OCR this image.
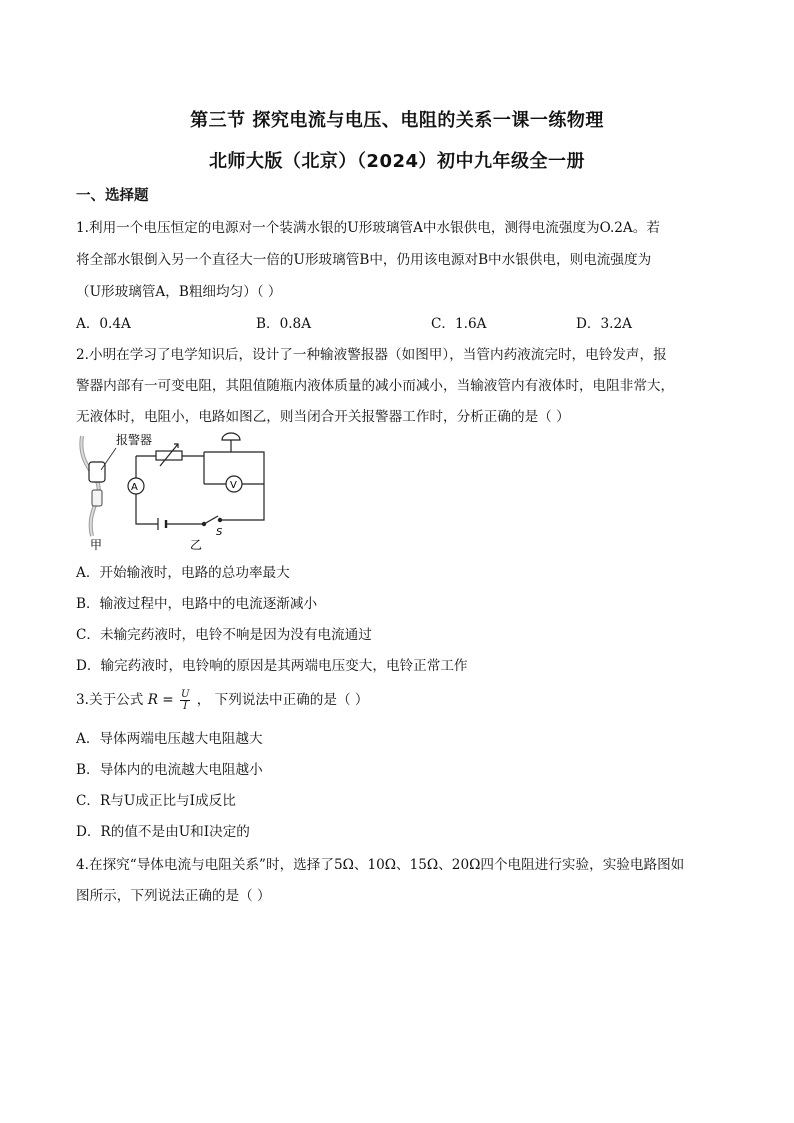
第三节 探究电流与电压、电阻的关系一课一练物理
北师大版（北京）（2024）初中九年级全一册
一、选择题
1.利用一个电压恒定的电源对一个装满水银的U形玻璃管A中水银供电，测得电流强度为O.2A。若
将全部水银倒入另一个直径大一倍的U形玻璃管B中，仍用该电源对B中水银供电，则电流强度为
（U形玻璃管A，B粗细均匀）（ ）
A．0.4A	B．0.8A	C．1.6A	D．3.2A
2.小明在学习了电学知识后，设计了一种输液警报器（如图甲），当管内药液流完时，电铃发声，报
警器内部有一可变电阻，其阻值随瓶内液体质量的减小而减小，当输液管内有液体时，电阻非常大，
无液体时，电阻小，电路如图乙，则当闭合开关报警器工作时，分析正确的是（ ）
报警器
甲
A	V
S
乙
A．开始输液时，电路的总功率最大
B．输液过程中，电路中的电流逐渐减小
C．未输完药液时，电铃不响是因为没有电流通过
D．输完药液时，电铃响的原因是其两端电压变大，电铃正常工作
3.关于公式 $R = \frac{U}{I}$ ， 下列说法中正确的是（ ）
A．导体两端电压越大电阻越大
B．导体内的电流越大电阻越小
C．R与U成正比与I成反比
D．R的值不是由U和I决定的
4.在探究“导体电流与电阻关系”时，选择了5Ω、10Ω、15Ω、20Ω四个电阻进行实验，实验电路图如
图所示，下列说法正确的是（ ）
